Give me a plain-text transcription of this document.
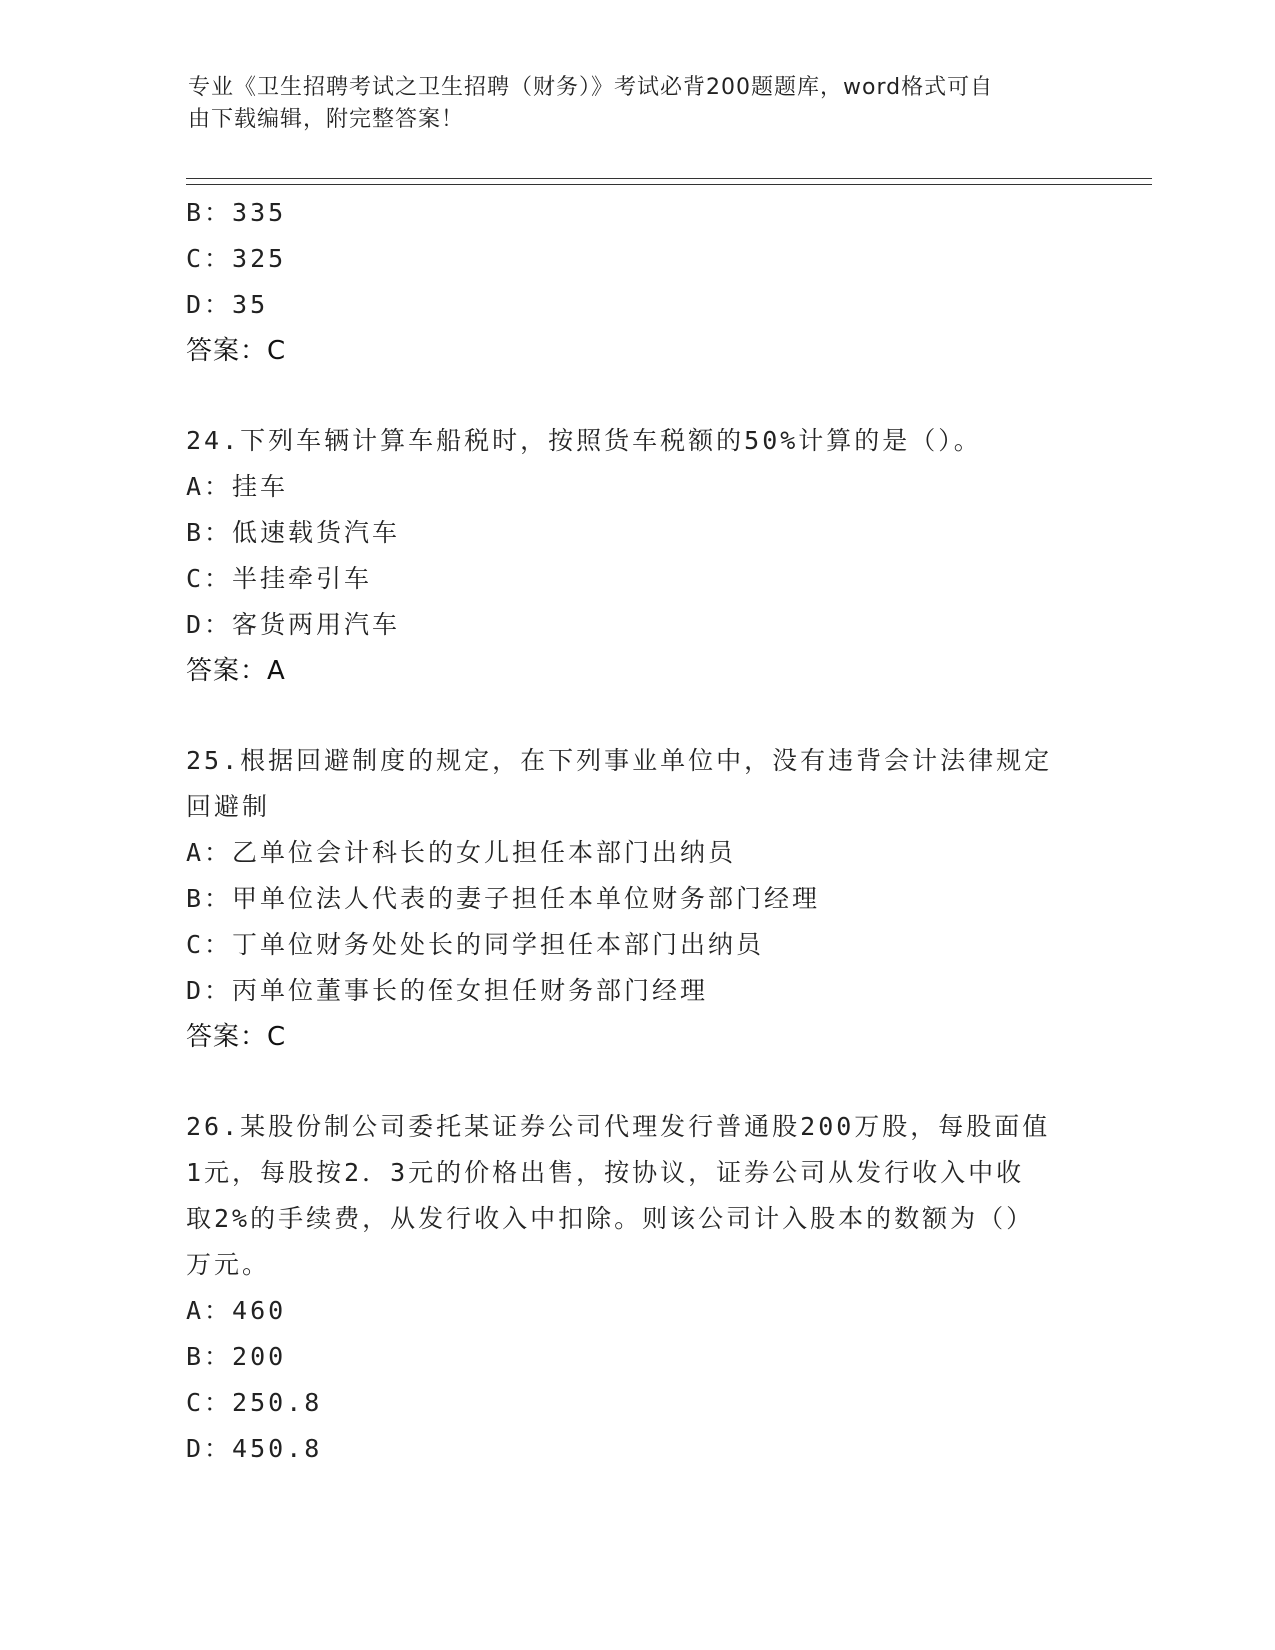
专业《卫生招聘考试之卫生招聘（财务）》考试必背200题题库，word格式可自
由下载编辑，附完整答案！
B：335
C：325
D：35
答案：C
24.下列车辆计算车船税时，按照货车税额的50%计算的是（）。
A：挂车
B：低速载货汽车
C：半挂牵引车
D：客货两用汽车
答案：A
25.根据回避制度的规定，在下列事业单位中，没有违背会计法律规定
回避制
A：乙单位会计科长的女儿担任本部门出纳员
B：甲单位法人代表的妻子担任本单位财务部门经理
C：丁单位财务处处长的同学担任本部门出纳员
D：丙单位董事长的侄女担任财务部门经理
答案：C
26.某股份制公司委托某证券公司代理发行普通股200万股，每股面值
1元，每股按2．3元的价格出售，按协议，证券公司从发行收入中收
取2%的手续费，从发行收入中扣除。则该公司计入股本的数额为（）
万元。
A：460
B：200
C：250.8
D：450.8
